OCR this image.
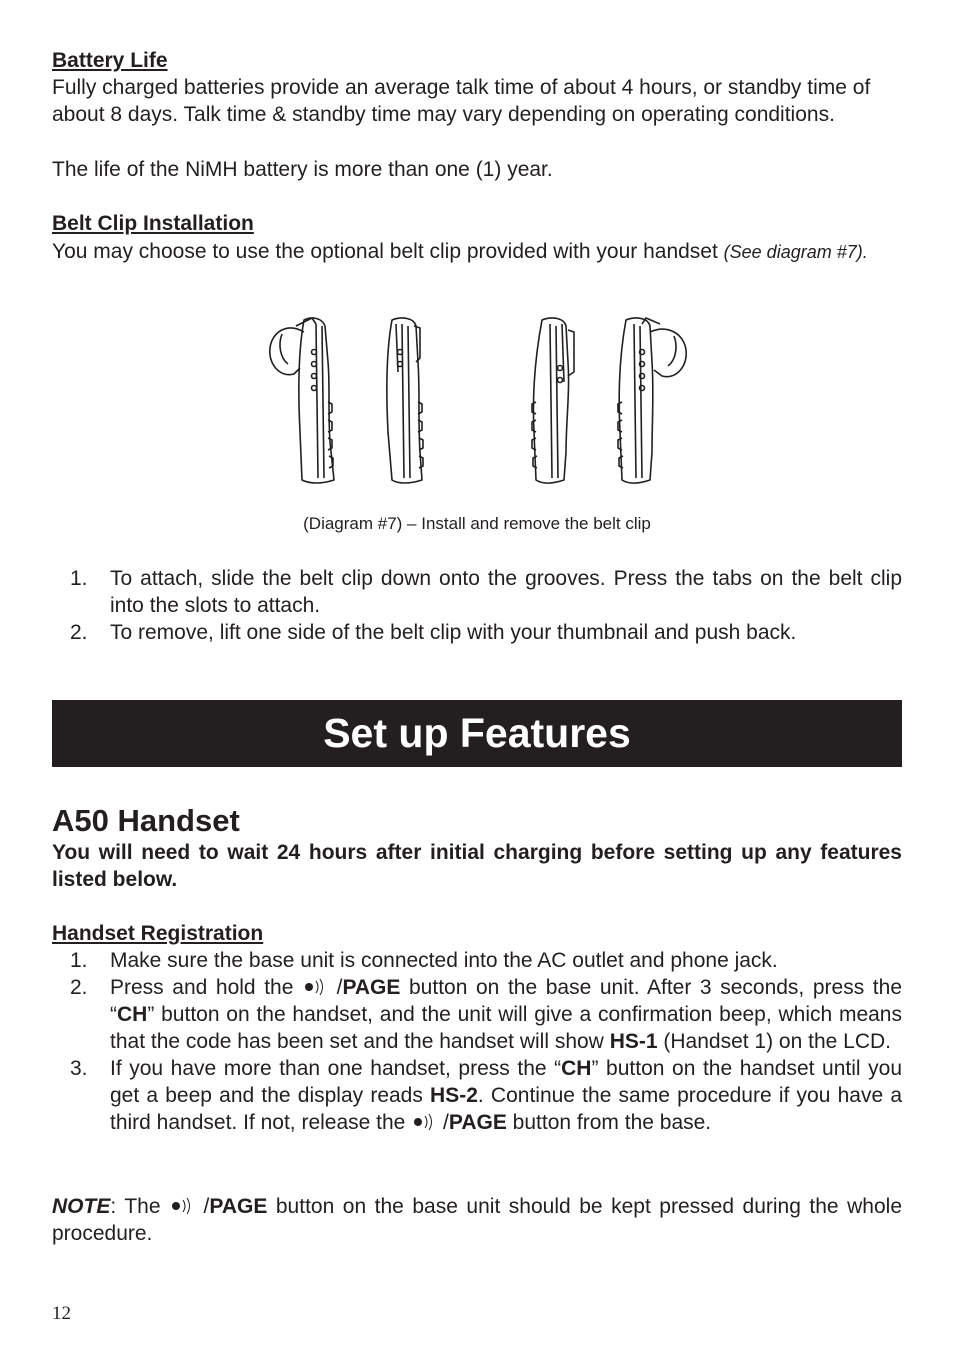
Battery Life
Fully charged batteries provide an average talk time of about 4 hours, or standby time of about 8 days. Talk time & standby time may vary depending on operating conditions.
The life of the NiMH battery is more than one (1) year.
Belt Clip Installation
You may choose to use the optional belt clip provided with your handset (See diagram #7).
(Diagram #7) – Install and remove the belt clip
1. To attach, slide the belt clip down onto the grooves. Press the tabs on the belt clip into the slots to attach.
2. To remove, lift one side of the belt clip with your thumbnail and push back.
Set up Features
A50 Handset
You will need to wait 24 hours after initial charging before setting up any features listed below.
Handset Registration
1. Make sure the base unit is connected into the AC outlet and phone jack.
2. Press and hold the  /PAGE button on the base unit. After 3 seconds, press the “CH” button on the handset, and the unit will give a confirmation beep, which means that the code has been set and the handset will show HS-1 (Handset 1) on the LCD.
3. If you have more than one handset, press the “CH” button on the handset until you get a beep and the display reads HS-2. Continue the same procedure if you have a third handset. If not, release the  /PAGE button from the base.
NOTE: The  /PAGE button on the base unit should be kept pressed during the whole procedure.
12
